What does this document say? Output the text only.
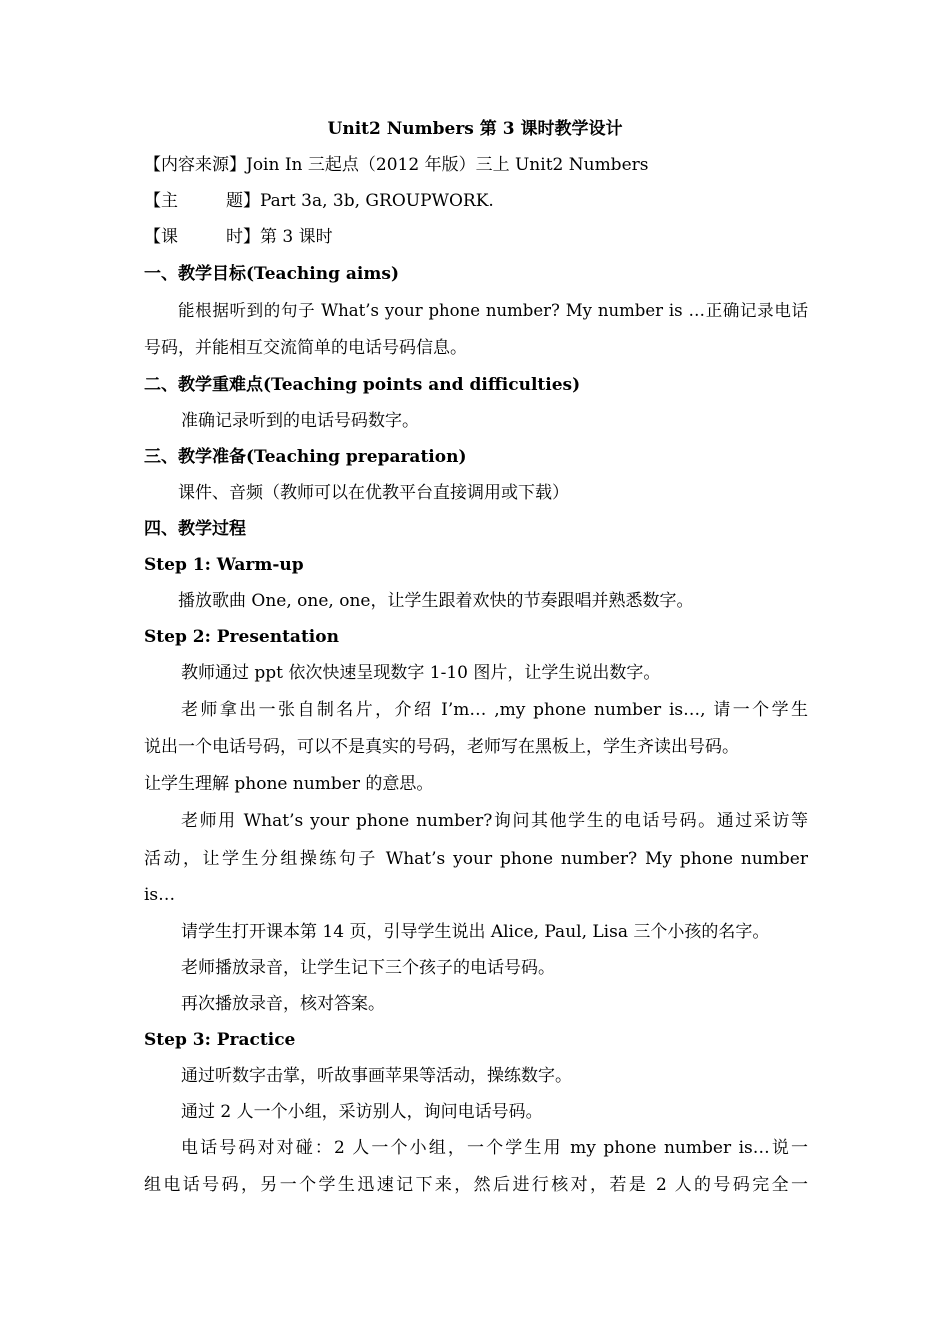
Unit2 Numbers 第 3 课时教学设计
【内容来源】Join In 三起点（2012 年版）三上 Unit2 Numbers
【主	题】Part 3a, 3b, GROUPWORK.
【课	时】第 3 课时
一、教学目标(Teaching aims)
能根据听到的句子 What’s your phone number? My number is …正确记录电话
号码，并能相互交流简单的电话号码信息。
二、教学重难点(Teaching points and difficulties)
准确记录听到的电话号码数字。
三、教学准备(Teaching preparation)
课件、音频（教师可以在优教平台直接调用或下载）
四、教学过程
Step 1: Warm-up
播放歌曲 One, one, one，让学生跟着欢快的节奏跟唱并熟悉数字。
Step 2: Presentation
教师通过 ppt 依次快速呈现数字 1-10 图片，让学生说出数字。
老师拿出一张自制名片，介绍 I’m… ,my phone number is…, 请一个学生
说出一个电话号码，可以不是真实的号码，老师写在黑板上，学生齐读出号码。
让学生理解 phone number 的意思。
老师用 What’s your phone number?询问其他学生的电话号码。通过采访等
活动，让学生分组操练句子 What’s your phone number? My phone number
is…
请学生打开课本第 14 页，引导学生说出 Alice, Paul, Lisa 三个小孩的名字。
老师播放录音，让学生记下三个孩子的电话号码。
再次播放录音，核对答案。
Step 3: Practice
通过听数字击掌，听故事画苹果等活动，操练数字。
通过 2 人一个小组，采访别人，询问电话号码。
电话号码对对碰：2 人一个小组，一个学生用 my phone number is…说一
组电话号码，另一个学生迅速记下来，然后进行核对，若是 2 人的号码完全一
